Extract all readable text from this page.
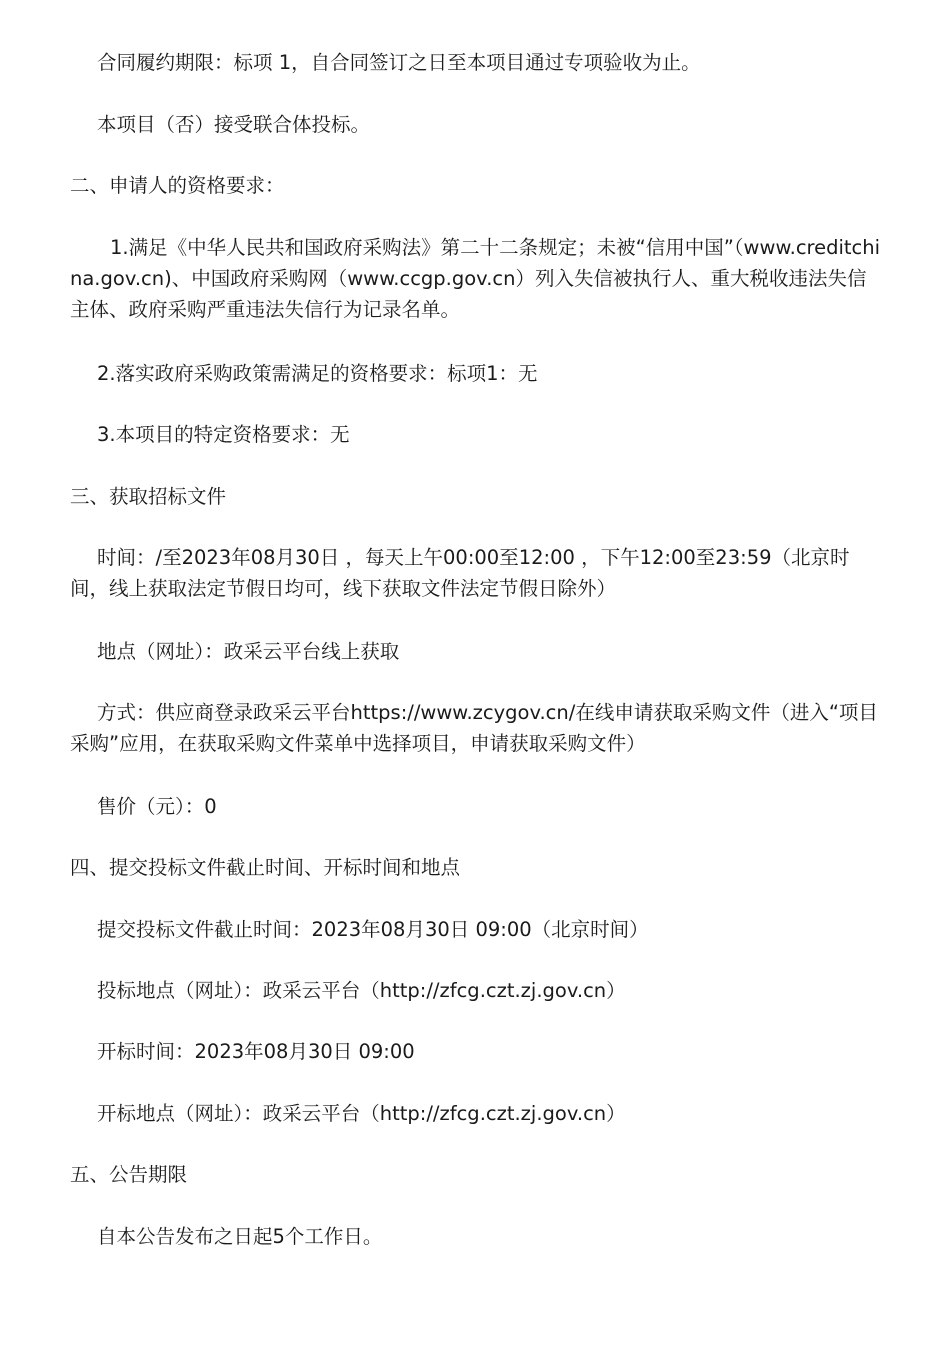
合同履约期限：标项 1，自合同签订之日至本项目通过专项验收为止。

本项目（否）接受联合体投标。

二、申请人的资格要求：

1.满足《中华人民共和国政府采购法》第二十二条规定；未被“信用中国”（www.creditchina.gov.cn)、中国政府采购网（www.ccgp.gov.cn）列入失信被执行人、重大税收违法失信主体、政府采购严重违法失信行为记录名单。

2.落实政府采购政策需满足的资格要求：标项1：无

3.本项目的特定资格要求：无

三、获取招标文件

时间：/至2023年08月30日 ，每天上午00:00至12:00 ，下午12:00至23:59（北京时间，线上获取法定节假日均可，线下获取文件法定节假日除外）

地点（网址）：政采云平台线上获取

方式：供应商登录政采云平台https://www.zcygov.cn/在线申请获取采购文件（进入“项目采购”应用，在获取采购文件菜单中选择项目，申请获取采购文件）

售价（元）：0

四、提交投标文件截止时间、开标时间和地点

提交投标文件截止时间：2023年08月30日 09:00（北京时间）

投标地点（网址）：政采云平台（http://zfcg.czt.zj.gov.cn）

开标时间：2023年08月30日 09:00

开标地点（网址）：政采云平台（http://zfcg.czt.zj.gov.cn）

五、公告期限

自本公告发布之日起5个工作日。
